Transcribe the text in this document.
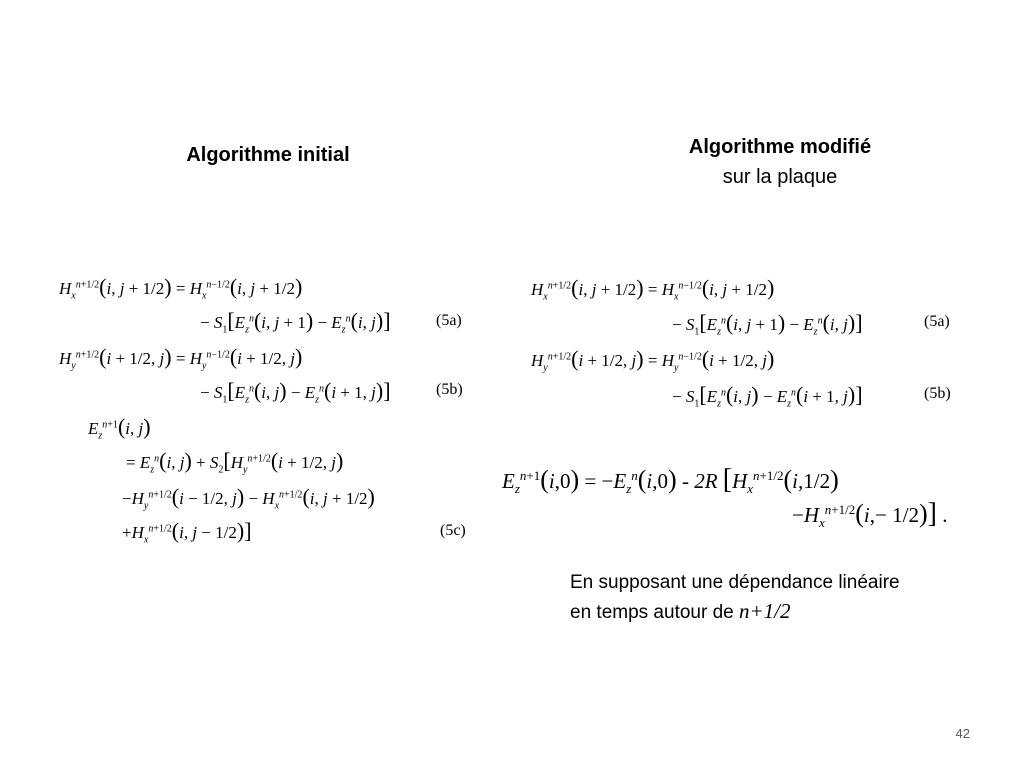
Algorithme initial	Algorithme modifié
sur la plaque
$H_x^{n+1/2}(i$, $j + 1/2) = H_x^{n-1/2}(i$, j + 1/2)
− $S_1[E_z^n(i$, $j + 1) - E_z^n(i$, j)]	(5a)
$H_y^{n+1/2}(i + 1/2$, $j) = H_y^{n-1/2}(i + 1/2$, j)
− $S_1[E_z^n(i$, $j) - E_z^n(i + 1$, j)]	(5b)
$E_z^{n+1}(i$, j)
= $E_z^n(i$, $j) + S_2[H_y^{n+1/2}(i + 1/2$, j)
$-H_y^{n+1/2}(i - 1/2$, $j) - H_x^{n+1/2}(i$, j + 1/2)
$+H_x^{n+1/2}(i$, j − 1/2)]	(5c)
$H_x^{n+1/2}(i$, $j + 1/2) = H_x^{n-1/2}(i$, j + 1/2)
− $S_1[E_z^n(i$, $j + 1) - E_z^n(i$, j)]	(5a)
$H_y^{n+1/2}(i + 1/2$, $j) = H_y^{n-1/2}(i + 1/2$, j)
− $S_1[E_z^n(i$, $j) - E_z^n(i + 1$, j)]	(5b)
$E_z^{n+1}(i,0) = -E_z^n(i,0) - 2R$ [$H_x^{n+1/2}(i,1/2)$
$-H_x^{n+1/2}(i,- 1/2)$] .
En supposant une dépendance linéaire
en temps autour de n+1/2
42
